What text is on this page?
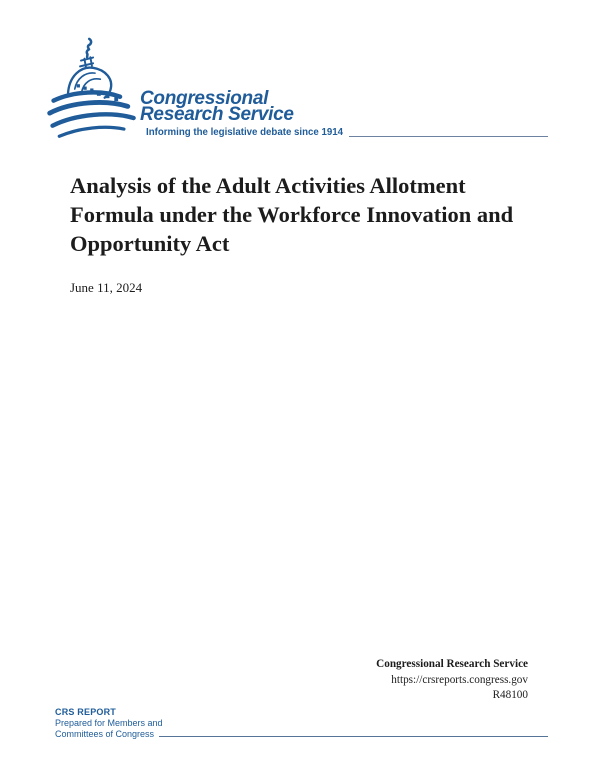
Congressional
Research Service
Informing the legislative debate since 1914
Analysis of the Adult Activities Allotment
Formula under the Workforce Innovation and
Opportunity Act
June 11, 2024
Congressional Research Service
https://crsreports.congress.gov
R48100
CRS REPORT
Prepared for Members and
Committees of Congress
